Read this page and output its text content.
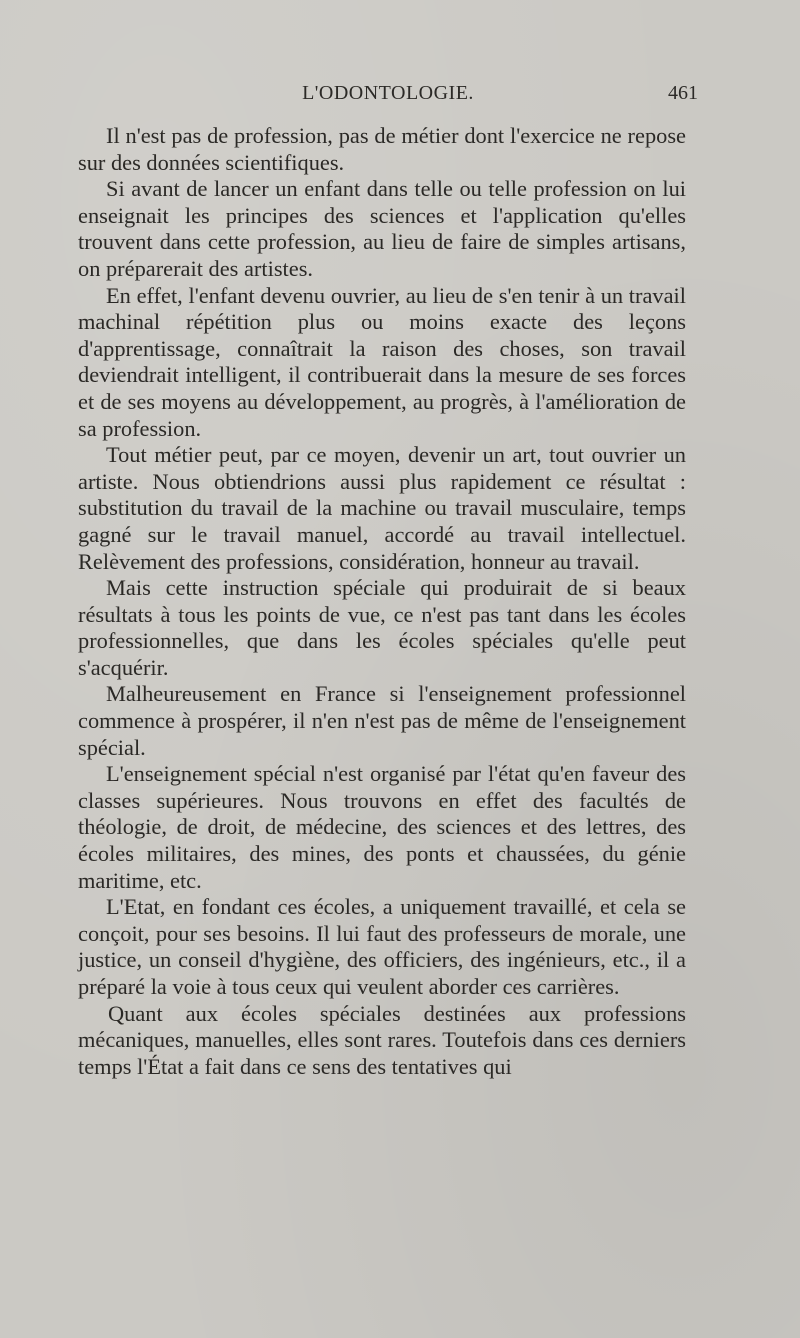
L'ODONTOLOGIE.	461

Il n'est pas de profession, pas de métier dont l'exercice ne repose sur des données scientifiques.

Si avant de lancer un enfant dans telle ou telle profession on lui enseignait les principes des sciences et l'application qu'elles trouvent dans cette profession, au lieu de faire de simples artisans, on préparerait des artistes.

En effet, l'enfant devenu ouvrier, au lieu de s'en tenir à un travail machinal répétition plus ou moins exacte des leçons d'apprentissage, connaîtrait la raison des choses, son travail deviendrait intelligent, il contribuerait dans la mesure de ses forces et de ses moyens au développement, au progrès, à l'amélioration de sa profession.

Tout métier peut, par ce moyen, devenir un art, tout ouvrier un artiste. Nous obtiendrions aussi plus rapidement ce résultat : substitution du travail de la machine ou travail musculaire, temps gagné sur le travail manuel, accordé au travail intellectuel. Relèvement des professions, considération, honneur au travail.

Mais cette instruction spéciale qui produirait de si beaux résultats à tous les points de vue, ce n'est pas tant dans les écoles professionnelles, que dans les écoles spéciales qu'elle peut s'acquérir.

Malheureusement en France si l'enseignement professionnel commence à prospérer, il n'en n'est pas de même de l'enseignement spécial.

L'enseignement spécial n'est organisé par l'état qu'en faveur des classes supérieures. Nous trouvons en effet des facultés de théologie, de droit, de médecine, des sciences et des lettres, des écoles militaires, des mines, des ponts et chaussées, du génie maritime, etc.

L'Etat, en fondant ces écoles, a uniquement travaillé, et cela se conçoit, pour ses besoins. Il lui faut des professeurs de morale, une justice, un conseil d'hygiène, des officiers, des ingénieurs, etc., il a préparé la voie à tous ceux qui veulent aborder ces carrières.

Quant aux écoles spéciales destinées aux professions mécaniques, manuelles, elles sont rares. Toutefois dans ces derniers temps l'État a fait dans ce sens des tentatives qui
